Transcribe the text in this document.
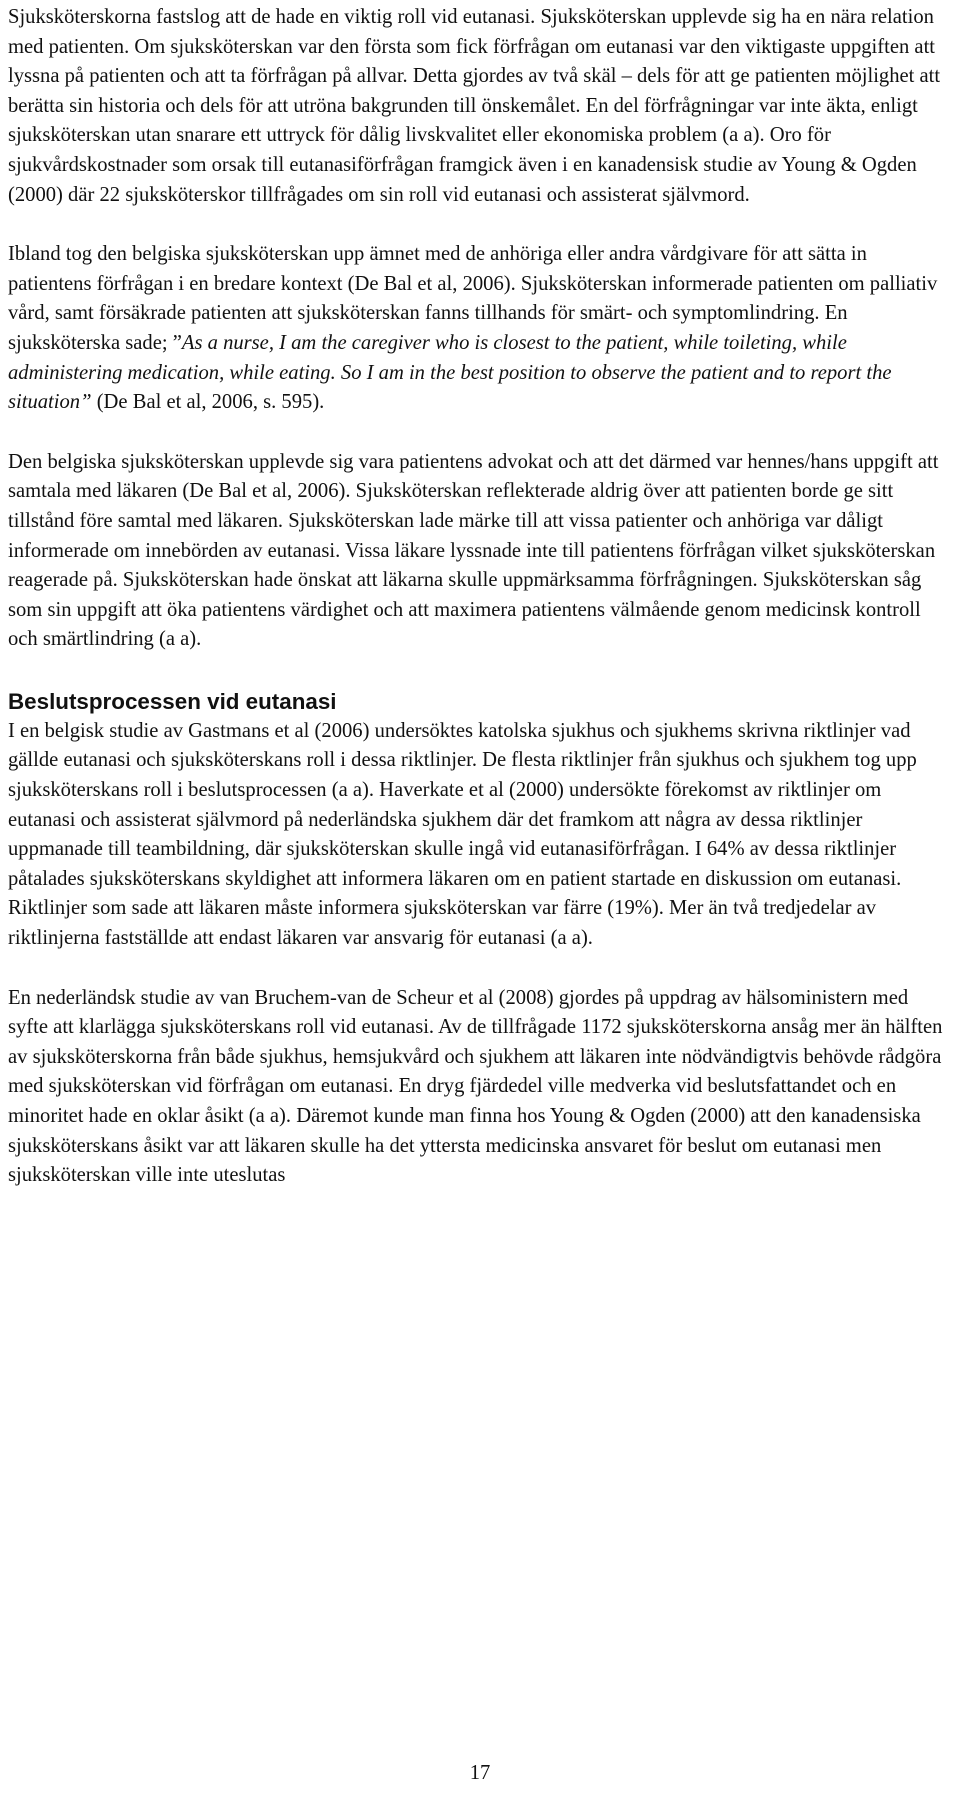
Sjuksköterskorna fastslog att de hade en viktig roll vid eutanasi. Sjuksköterskan upplevde sig ha en nära relation med patienten. Om sjuksköterskan var den första som fick förfrågan om eutanasi var den viktigaste uppgiften att lyssna på patienten och att ta förfrågan på allvar. Detta gjordes av två skäl – dels för att ge patienten möjlighet att berätta sin historia och dels för att utröna bakgrunden till önskemålet. En del förfrågningar var inte äkta, enligt sjuksköterskan utan snarare ett uttryck för dålig livskvalitet eller ekonomiska problem (a a). Oro för sjukvårdskostnader som orsak till eutanasiförfrågan framgick även i en kanadensisk studie av Young & Ogden (2000) där 22 sjuksköterskor tillfrågades om sin roll vid eutanasi och assisterat självmord.

Ibland tog den belgiska sjuksköterskan upp ämnet med de anhöriga eller andra vårdgivare för att sätta in patientens förfrågan i en bredare kontext (De Bal et al, 2006). Sjuksköterskan informerade patienten om palliativ vård, samt försäkrade patienten att sjuksköterskan fanns tillhands för smärt- och symptomlindring. En sjuksköterska sade; ”As a nurse, I am the caregiver who is closest to the patient, while toileting, while administering medication, while eating. So I am in the best position to observe the patient and to report the situation” (De Bal et al, 2006, s. 595).

Den belgiska sjuksköterskan upplevde sig vara patientens advokat och att det därmed var hennes/hans uppgift att samtala med läkaren (De Bal et al, 2006). Sjuksköterskan reflekterade aldrig över att patienten borde ge sitt tillstånd före samtal med läkaren. Sjuksköterskan lade märke till att vissa patienter och anhöriga var dåligt informerade om innebörden av eutanasi. Vissa läkare lyssnade inte till patientens förfrågan vilket sjuksköterskan reagerade på. Sjuksköterskan hade önskat att läkarna skulle uppmärksamma förfrågningen. Sjuksköterskan såg som sin uppgift att öka patientens värdighet och att maximera patientens välmående genom medicinsk kontroll och smärtlindring (a a).

Beslutsprocessen vid eutanasi

I en belgisk studie av Gastmans et al (2006) undersöktes katolska sjukhus och sjukhems skrivna riktlinjer vad gällde eutanasi och sjuksköterskans roll i dessa riktlinjer. De flesta riktlinjer från sjukhus och sjukhem tog upp sjuksköterskans roll i beslutsprocessen (a a). Haverkate et al (2000) undersökte förekomst av riktlinjer om eutanasi och assisterat självmord på nederländska sjukhem där det framkom att några av dessa riktlinjer uppmanade till teambildning, där sjuksköterskan skulle ingå vid eutanasiförfrågan. I 64% av dessa riktlinjer påtalades sjuksköterskans skyldighet att informera läkaren om en patient startade en diskussion om eutanasi. Riktlinjer som sade att läkaren måste informera sjuksköterskan var färre (19%). Mer än två tredjedelar av riktlinjerna fastställde att endast läkaren var ansvarig för eutanasi (a a).

En nederländsk studie av van Bruchem-van de Scheur et al (2008) gjordes på uppdrag av hälsoministern med syfte att klarlägga sjuksköterskans roll vid eutanasi. Av de tillfrågade 1172 sjuksköterskorna ansåg mer än hälften av sjuksköterskorna från både sjukhus, hemsjukvård och sjukhem att läkaren inte nödvändigtvis behövde rådgöra med sjuksköterskan vid förfrågan om eutanasi. En dryg fjärdedel ville medverka vid beslutsfattandet och en minoritet hade en oklar åsikt (a a). Däremot kunde man finna hos Young & Ogden (2000) att den kanadensiska sjuksköterskans åsikt var att läkaren skulle ha det yttersta medicinska ansvaret för beslut om eutanasi men sjuksköterskan ville inte uteslutas

17
